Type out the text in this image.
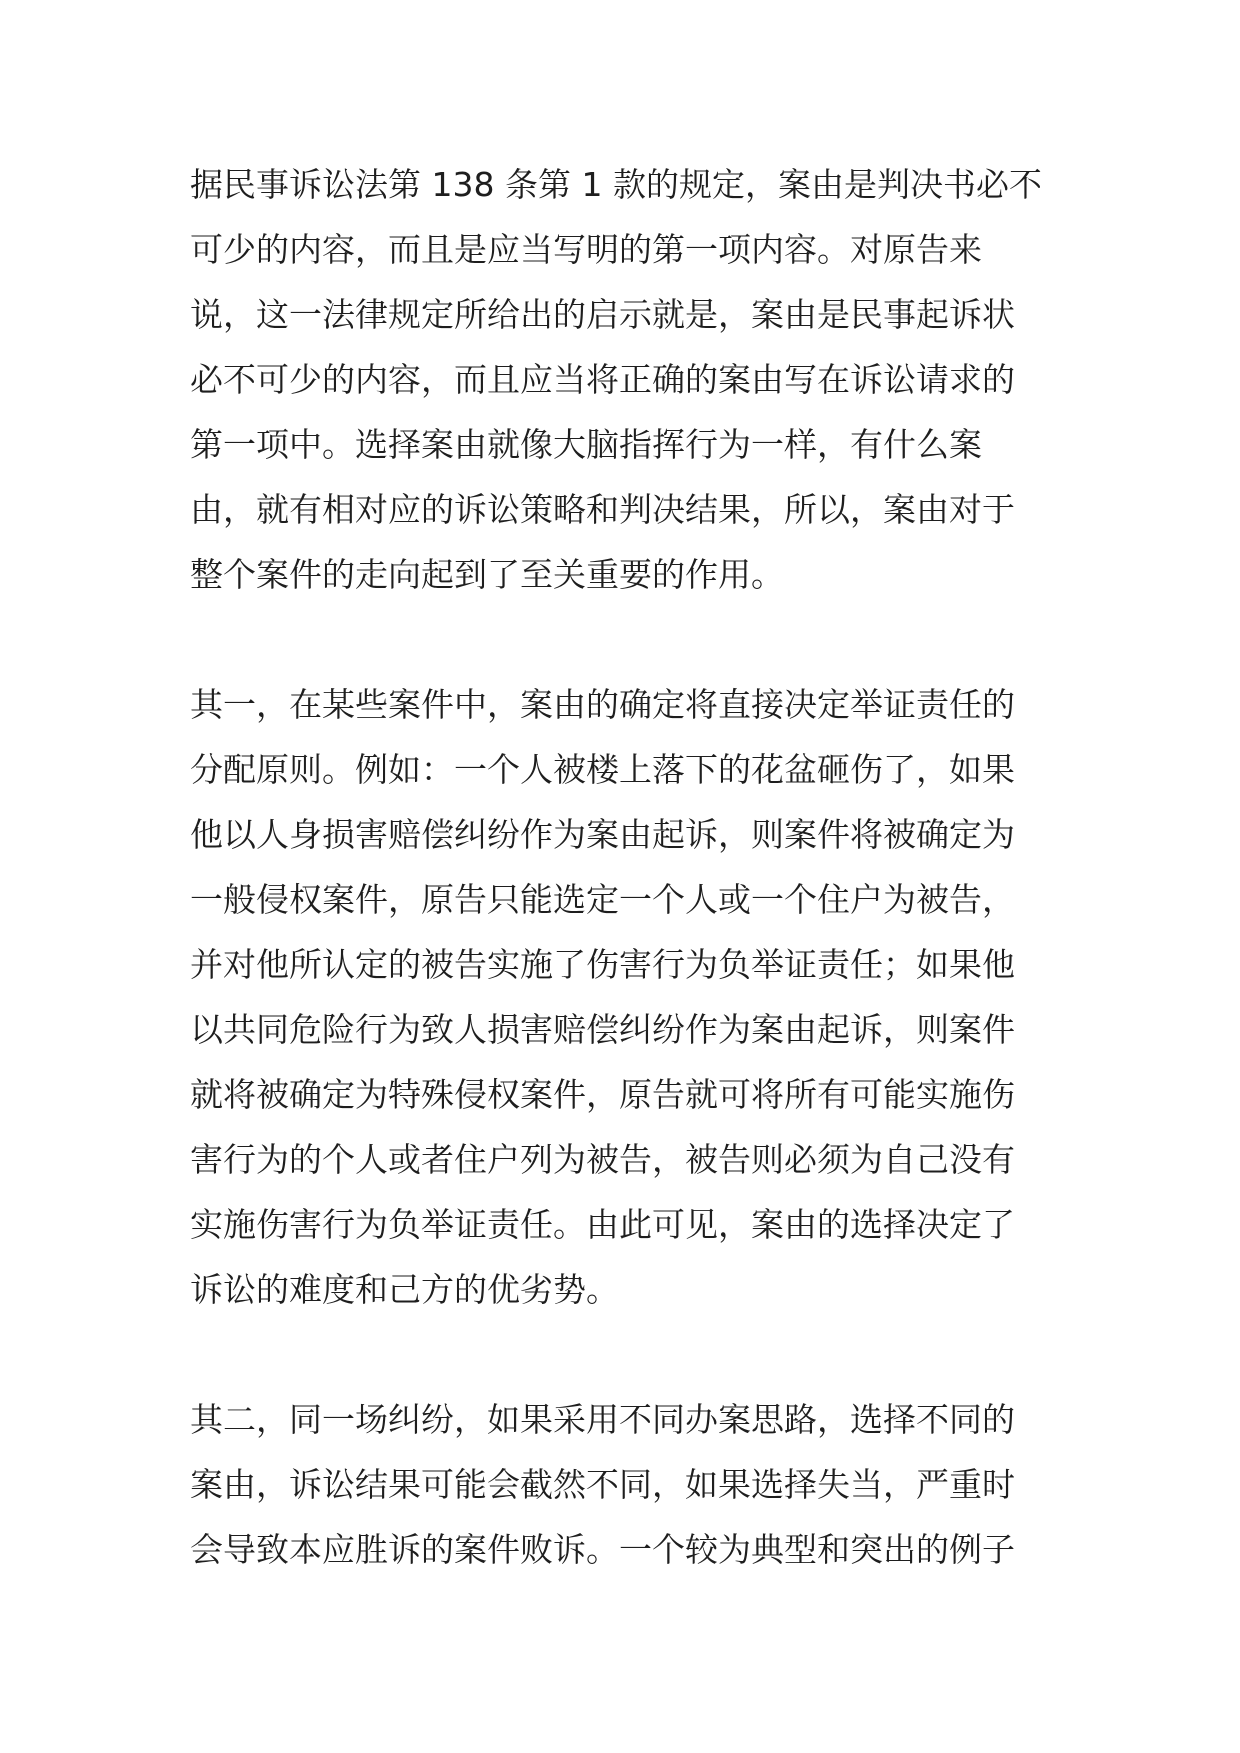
据民事诉讼法第 138 条第 1 款的规定，案由是判决书必不
可少的内容，而且是应当写明的第一项内容。对原告来
说，这一法律规定所给出的启示就是，案由是民事起诉状
必不可少的内容，而且应当将正确的案由写在诉讼请求的
第一项中。选择案由就像大脑指挥行为一样，有什么案
由，就有相对应的诉讼策略和判决结果，所以，案由对于
整个案件的走向起到了至关重要的作用。
其一，在某些案件中，案由的确定将直接决定举证责任的
分配原则。例如：一个人被楼上落下的花盆砸伤了，如果
他以人身损害赔偿纠纷作为案由起诉，则案件将被确定为
一般侵权案件，原告只能选定一个人或一个住户为被告，
并对他所认定的被告实施了伤害行为负举证责任；如果他
以共同危险行为致人损害赔偿纠纷作为案由起诉，则案件
就将被确定为特殊侵权案件，原告就可将所有可能实施伤
害行为的个人或者住户列为被告，被告则必须为自己没有
实施伤害行为负举证责任。由此可见，案由的选择决定了
诉讼的难度和己方的优劣势。
其二，同一场纠纷，如果采用不同办案思路，选择不同的
案由，诉讼结果可能会截然不同，如果选择失当，严重时
会导致本应胜诉的案件败诉。一个较为典型和突出的例子
